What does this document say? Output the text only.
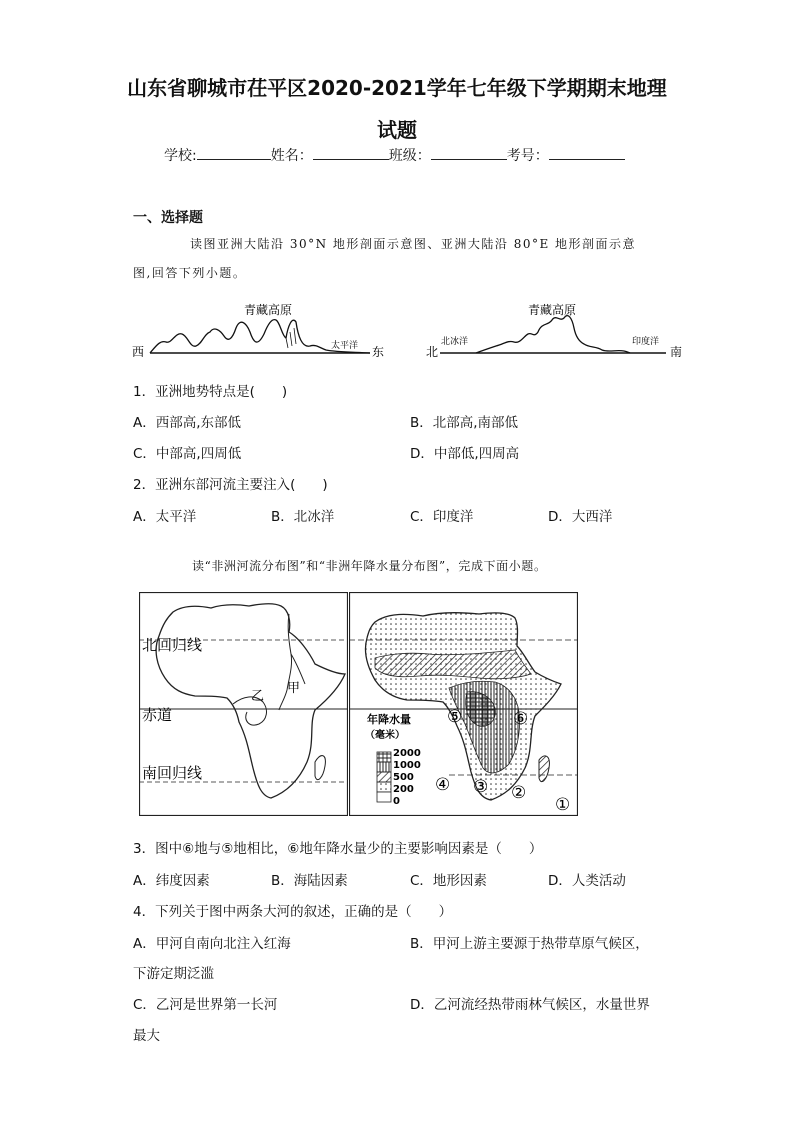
山东省聊城市茌平区2020-2021学年七年级下学期期末地理
试题
学校:	姓名：	班级：	考号：
一、选择题
读图亚洲大陆沿 30°N 地形剖面示意图、亚洲大陆沿 80°E 地形剖面示意
图,回答下列小题。
青藏高原
西	东
太平洋
青藏高原
北	南
北冰洋	印度洋
1．亚洲地势特点是(　　)
A．西部高,东部低	B．北部高,南部低
C．中部高,四周低	D．中部低,四周高
2．亚洲东部河流主要注入(　　)
A．太平洋	B．北冰洋	C．印度洋	D．大西洋
读“非洲河流分布图”和“非洲年降水量分布图”，完成下面小题。
北回归线
赤道
南回归线
甲
乙
年降水量
（毫米）
2000
1000
500
200
0	①
②
③
④
⑤	⑥
3．图中⑥地与⑤地相比，⑥地年降水量少的主要影响因素是（　　）
A．纬度因素	B．海陆因素	C．地形因素	D．人类活动
4．下列关于图中两条大河的叙述，正确的是（　　）
A．甲河自南向北注入红海	B．甲河上游主要源于热带草原气候区，
下游定期泛滥
C．乙河是世界第一长河	D．乙河流经热带雨林气候区，水量世界
最大
